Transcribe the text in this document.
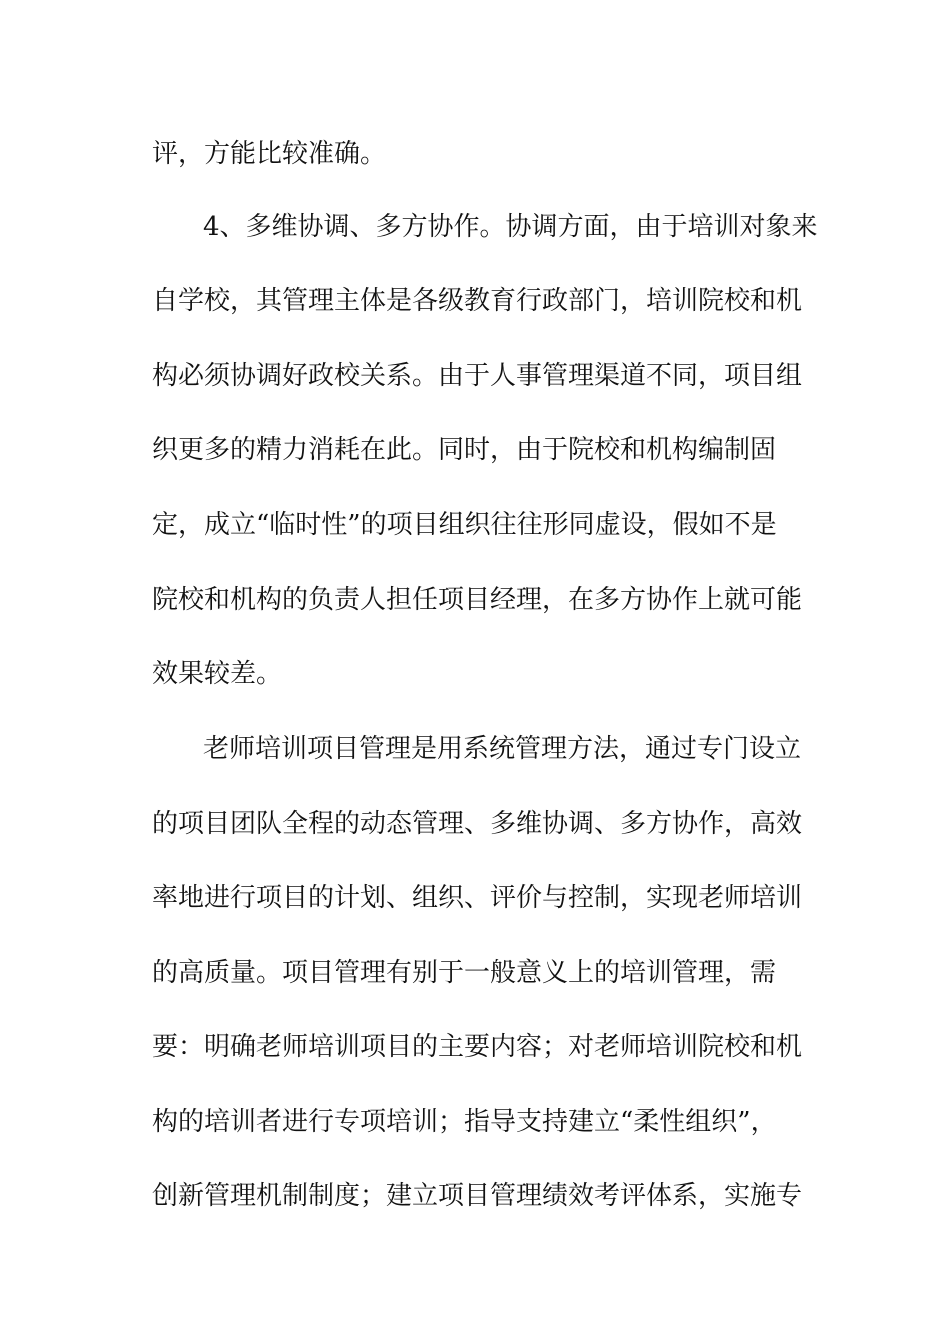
评，方能比较准确。
4、多维协调、多方协作。协调方面，由于培训对象来
自学校，其管理主体是各级教育行政部门，培训院校和机
构必须协调好政校关系。由于人事管理渠道不同，项目组
织更多的精力消耗在此。同时，由于院校和机构编制固
定，成立“临时性”的项目组织往往形同虚设，假如不是
院校和机构的负责人担任项目经理，在多方协作上就可能
效果较差。
老师培训项目管理是用系统管理方法，通过专门设立
的项目团队全程的动态管理、多维协调、多方协作，高效
率地进行项目的计划、组织、评价与控制，实现老师培训
的高质量。项目管理有别于一般意义上的培训管理，需
要：明确老师培训项目的主要内容；对老师培训院校和机
构的培训者进行专项培训；指导支持建立“柔性组织”，
创新管理机制制度；建立项目管理绩效考评体系，实施专
